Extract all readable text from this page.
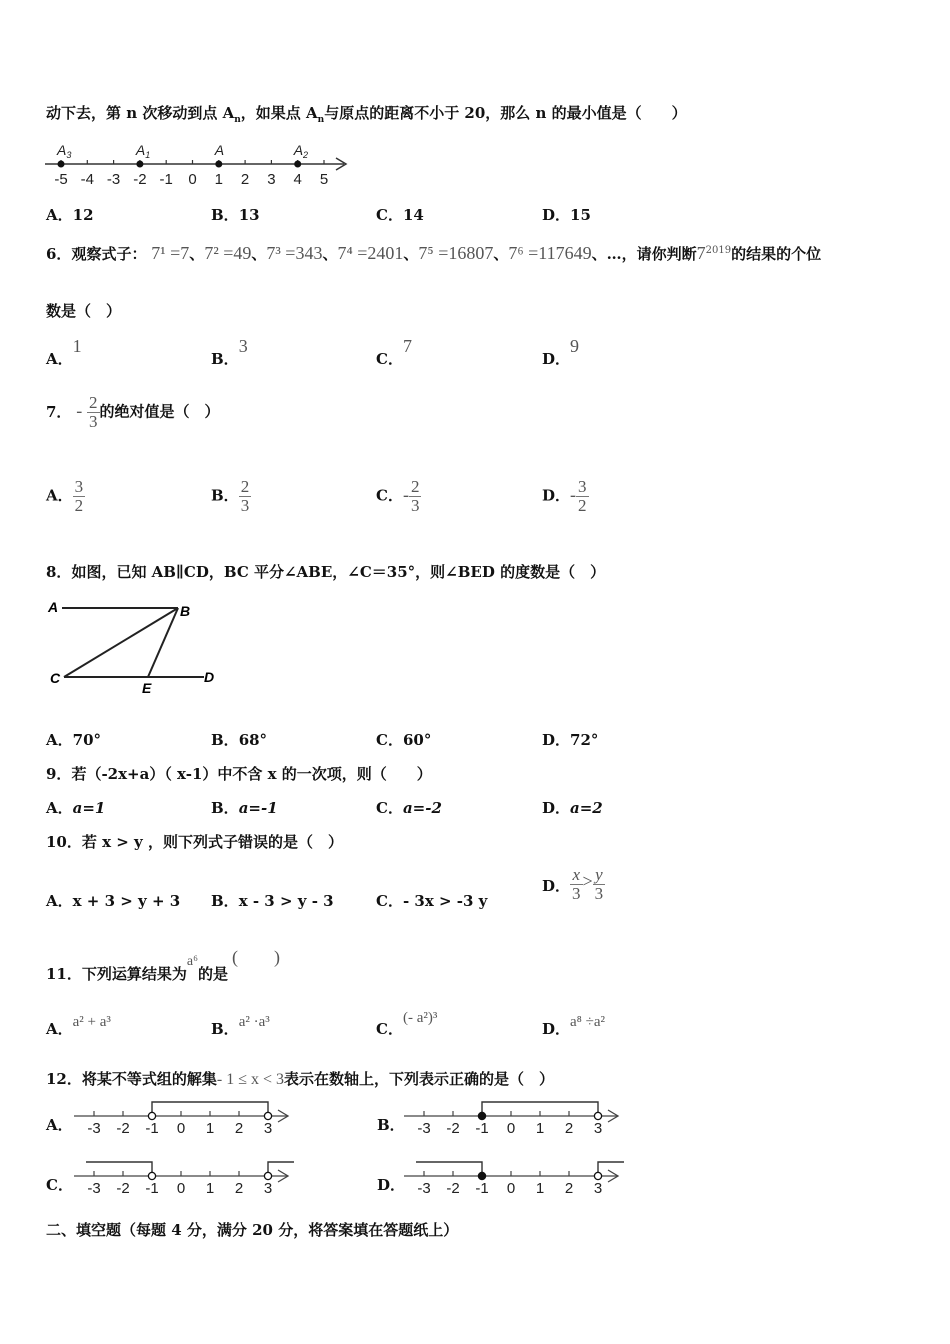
动下去，第 n 次移动到点 $A_n$，如果点 $A_n$与原点的距离不小于 20，那么 n 的最小值是（　　）
-5 -4 -3 -2 -1 0 1 2 3 4 5
$A_3$	$A_1$	A	$A_2$
A．12	B．13	C．14	D．15
6．观察式子： 7¹ =7、7² =49、7³ =343、7⁴ =2401、7⁵ =16807、7⁶ =117649、…，请你判断$7^{2019}$的结果的个位
数是（　）
A．1
B．3
C．7
D．9
7． - $\frac{2}{3}$ 的绝对值是（　）
A． $\frac{3}{2}$	B． $\frac{2}{3}$	C．- $\frac{2}{3}$	D．- $\frac{3}{2}$
8．如图，已知 AB∥CD，BC 平分∠ABE，∠C＝35°，则∠BED 的度数是（　）
A	B
C
E
D
A．70°	B．68°	C．60°	D．72°
9．若（-2x+a）（ x-1）中不含 x 的一次项，则（　　）
A．a=1	B．a=-1	C．a=-2	D．a=2
10．若 x > y ，则下列式子错误的是（　）
A．x + 3 > y + 3 B．x - 3 > y - 3	C．- 3x > -3 y
D． $\frac{x}{3} > \frac{y}{3}$
11．下列运算结果为a⁶的是(　　)
A．a² + a³	B．a² ·a³	C．(- a²)³
D．a⁸ ÷a²
12．将某不等式组的解集- 1 ≤ x < 3表示在数轴上，下列表示正确的是（　）
A． -3 -2 -1 0 1 2 3	B． -3 -2 -1 0 1 2 3
C． -3 -2 -1 0 1 2 3	D． -3 -2 -1 0 1 2 3
二、填空题（每题 4 分，满分 20 分，将答案填在答题纸上）
